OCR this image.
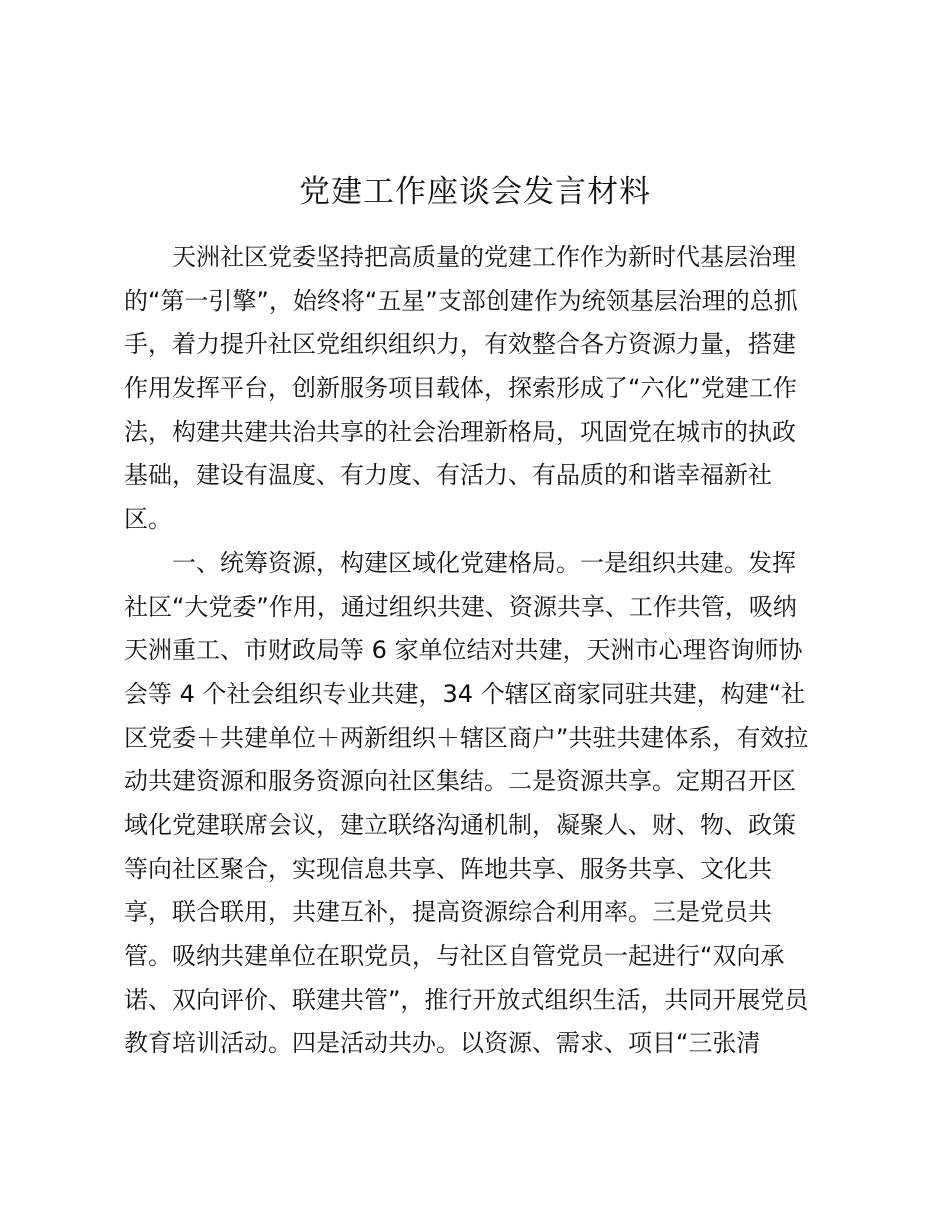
党建工作座谈会发言材料
天洲社区党委坚持把高质量的党建工作作为新时代基层治理
的“第一引擎”，始终将“五星”支部创建作为统领基层治理的总抓
手，着力提升社区党组织组织力，有效整合各方资源力量，搭建
作用发挥平台，创新服务项目载体，探索形成了“六化”党建工作
法，构建共建共治共享的社会治理新格局，巩固党在城市的执政
基础，建设有温度、有力度、有活力、有品质的和谐幸福新社
区。
一、统筹资源，构建区域化党建格局。一是组织共建。发挥
社区“大党委”作用，通过组织共建、资源共享、工作共管，吸纳
天洲重工、市财政局等 6 家单位结对共建，天洲市心理咨询师协
会等 4 个社会组织专业共建，34 个辖区商家同驻共建，构建“社
区党委＋共建单位＋两新组织＋辖区商户”共驻共建体系，有效拉
动共建资源和服务资源向社区集结。二是资源共享。定期召开区
域化党建联席会议，建立联络沟通机制，凝聚人、财、物、政策
等向社区聚合，实现信息共享、阵地共享、服务共享、文化共
享，联合联用，共建互补，提高资源综合利用率。三是党员共
管。吸纳共建单位在职党员，与社区自管党员一起进行“双向承
诺、双向评价、联建共管”，推行开放式组织生活，共同开展党员
教育培训活动。四是活动共办。以资源、需求、项目“三张清
